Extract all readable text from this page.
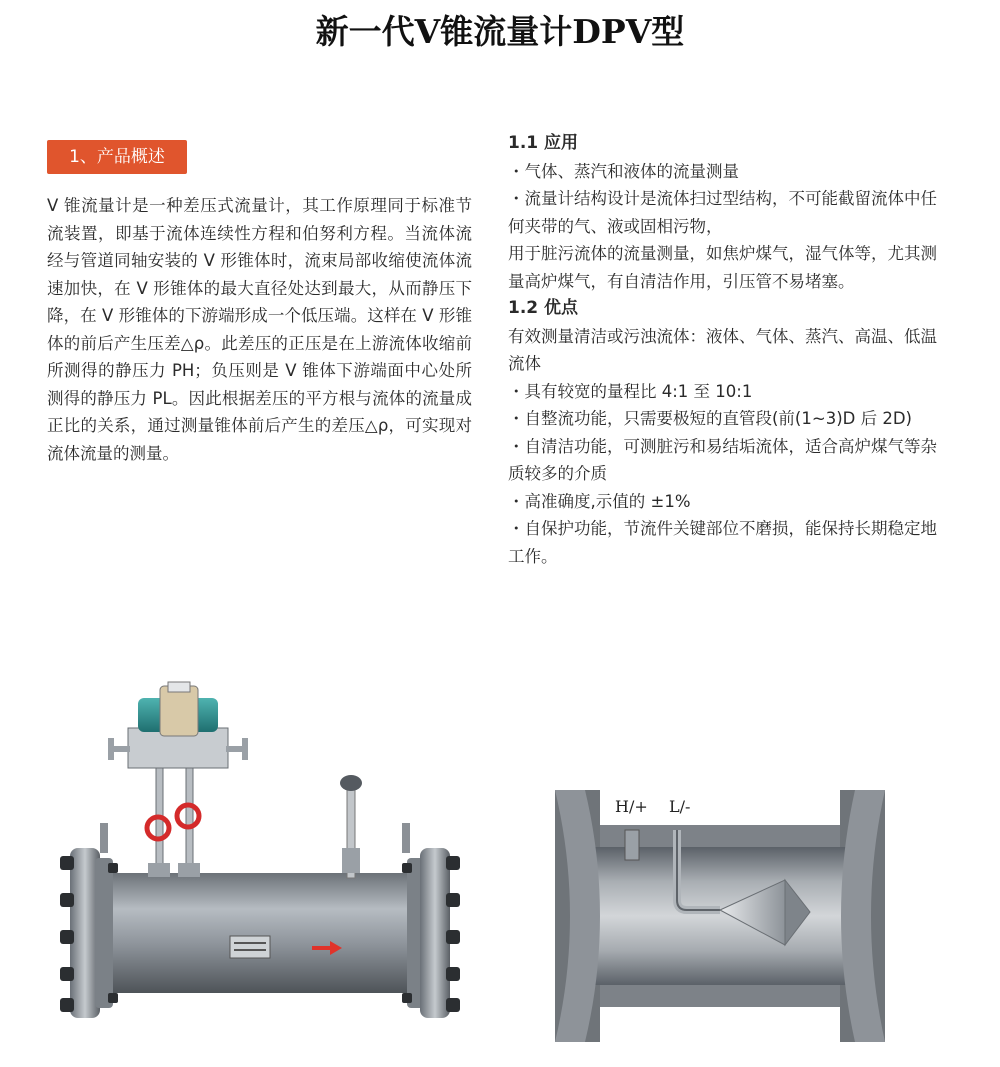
新一代V锥流量计DPV型
1、产品概述

V 锥流量计是一种差压式流量计，其工作原理同于标准节流装置，即基于流体连续性方程和伯努利方程。当流体流经与管道同轴安装的 V 形锥体时，流束局部收缩使流体流速加快，在 V 形锥体的最大直径处达到最大，从而静压下降，在 V 形锥体的下游端形成一个低压端。这样在 V 形锥体的前后产生压差△ρ。此差压的正压是在上游流体收缩前所测得的静压力 PH；负压则是 V 锥体下游端面中心处所测得的静压力 PL。因此根据差压的平方根与流体的流量成正比的关系，通过测量锥体前后产生的差压△ρ，可实现对流体流量的测量。

1.1 应用

・气体、蒸汽和液体的流量测量
・流量计结构设计是流体扫过型结构，不可能截留流体中任何夹带的气、液或固相污物，
用于脏污流体的流量测量，如焦炉煤气，湿气体等，尤其测量高炉煤气，有自清洁作用，引压管不易堵塞。

1.2 优点

有效测量清洁或污浊流体：液体、气体、蒸汽、高温、低温流体

・具有较宽的量程比 4:1 至 10:1
・自整流功能，只需要极短的直管段(前(1~3)D 后 2D)
・自清洁功能，可测脏污和易结垢流体，适合高炉煤气等杂质较多的介质
・高准确度,示值的 ±1%
・自保护功能，节流件关键部位不磨损，能保持长期稳定地工作。
H/+ L/-
